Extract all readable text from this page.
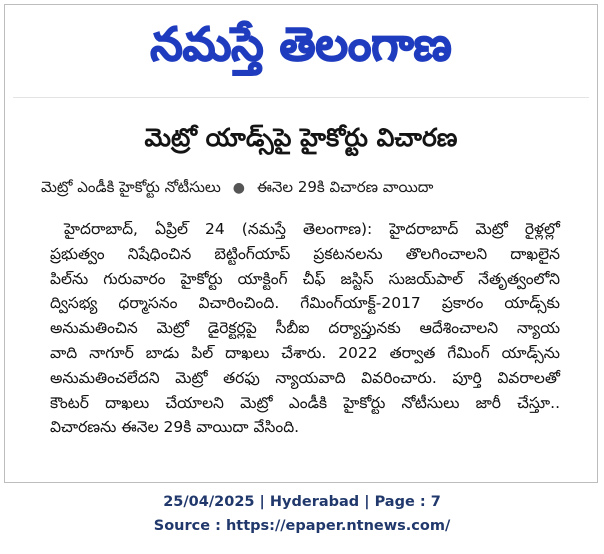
నమస్తే తెలంగాణ
మెట్రో యాడ్స్‌పై హైకోర్టు విచారణ
మెట్రో ఎండీకి హైకోర్టు నోటీసులు ● ఈనెల 29కి విచారణ వాయిదా
హైదరాబాద్, ఏప్రిల్ 24 (నమస్తే తెలంగాణ): హైదరాబాద్ మెట్రో రైళ్లల్లో
ప్రభుత్వం నిషేధించిన బెట్టింగ్‌యాప్ ప్రకటనలను తొలగించాలని దాఖలైన
పిల్‌ను గురువారం హైకోర్టు యాక్టింగ్ చీఫ్ జస్టిస్ సుజయ్‌పాల్ నేతృత్వంలోని
ద్విసభ్య ధర్మాసనం విచారించింది. గేమింగ్‌యాక్ట్-2017 ప్రకారం యాడ్స్‌కు
అనుమతించిన మెట్రో డైరెక్టర్లపై సీబీఐ దర్యాప్తునకు ఆదేశించాలని న్యాయ
వాది నాగూర్ బాడు పిల్ దాఖలు చేశారు. 2022 తర్వాత గేమింగ్ యాడ్స్‌ను
అనుమతించలేదని మెట్రో తరఫు న్యాయవాది వివరించారు. పూర్తి వివరాలతో
కౌంటర్ దాఖలు చేయాలని మెట్రో ఎండీకి హైకోర్టు నోటీసులు జారీ చేస్తూ..
విచారణను ఈనెల 29కి వాయిదా వేసింది.
25/04/2025 | Hyderabad | Page : 7
Source : https://epaper.ntnews.com/
